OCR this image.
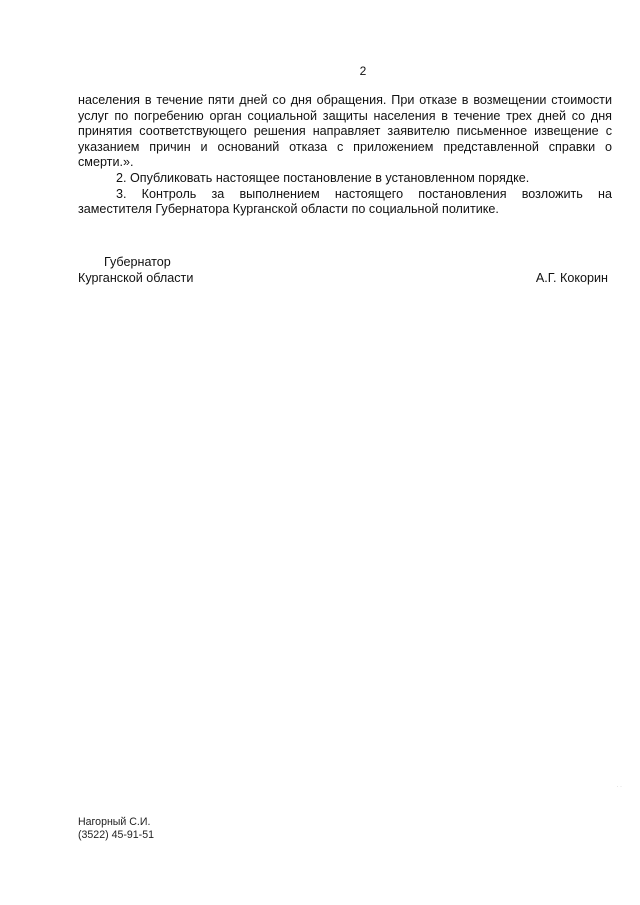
2
населения в течение пяти дней со дня обращения. При отказе в возмещении стоимости
услуг по погребению орган социальной защиты населения в течение трех дней со дня
принятия соответствующего решения направляет заявителю письменное извещение с
указанием причин и оснований отказа с приложением представленной справки о
смерти.».
2. Опубликовать настоящее постановление в установленном порядке.
3. Контроль за выполнением настоящего постановления возложить на
заместителя Губернатора Курганской области по социальной политике.
Губернатор
Курганской области	А.Г. Кокорин
· ·
Нагорный С.И.
(3522) 45-91-51
